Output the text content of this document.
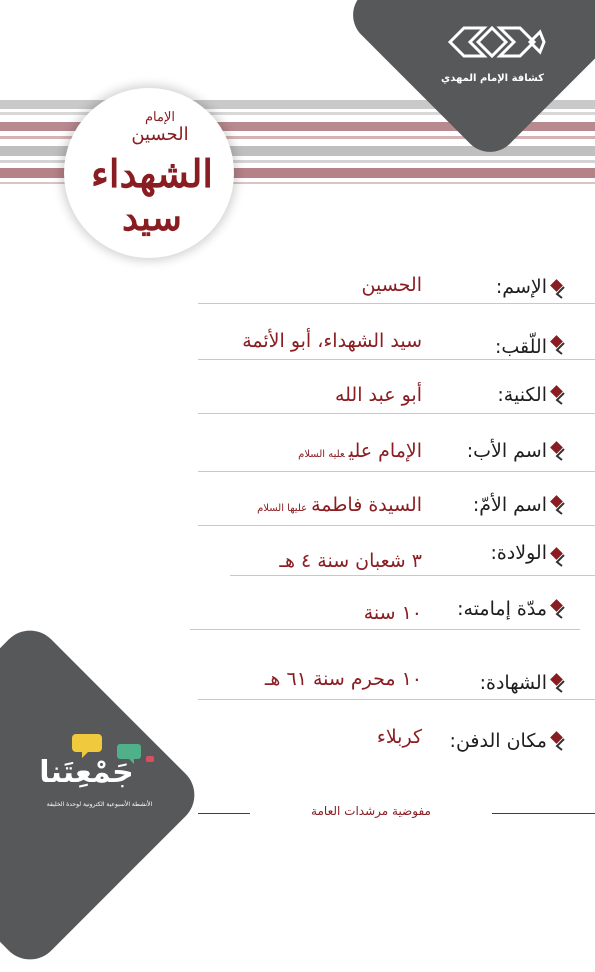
كشافة الإمام المهدي
الإمام
الحسين
الشهداء
سيد
الإسم:
الحسين
اللّقب:
سيد الشهداء، أبو الأئمة
الكنية:
أبو عبد الله
اسم الأب:
الإمام عليعليه السلام
اسم الأمّ:
السيدة فاطمةعليها السلام
الولادة:
٣ شعبان سنة ٤ هـ
مدّة إمامته:
١٠ سنة
الشهادة:
١٠ محرم سنة ٦١ هـ
مكان الدفن:
كربلاء
جَمْعِتَنا
الأنشطة الأسبوعية الكترونية لوحدة الخليفة	مفوضية مرشدات العامة
